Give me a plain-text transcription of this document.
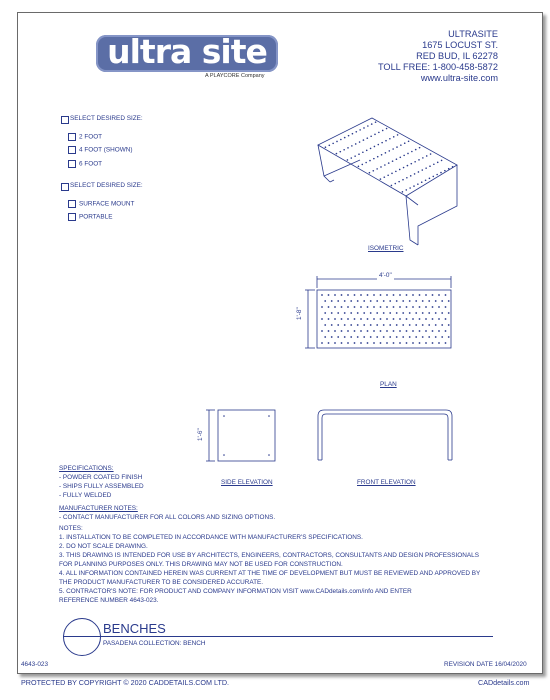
ultra site
A PLAYCORE Company
ULTRASITE
1675 LOCUST ST.
RED BUD, IL 62278
TOLL FREE: 1-800-458-5872
www.ultra-site.com
SELECT DESIRED SIZE:
2 FOOT
4 FOOT (SHOWN)
6 FOOT
SELECT DESIRED SIZE:
SURFACE MOUNT
PORTABLE
ISOMETRIC
4'-0"
1'-8"
PLAN
1'-6"
SIDE ELEVATION	FRONT ELEVATION
SPECIFICATIONS:
- POWDER COATED FINISH
- SHIPS FULLY ASSEMBLED
- FULLY WELDED
MANUFACTURER NOTES:
- CONTACT MANUFACTURER FOR ALL COLORS AND SIZING OPTIONS.
NOTES:
1. INSTALLATION TO BE COMPLETED IN ACCORDANCE WITH MANUFACTURER'S SPECIFICATIONS.
2. DO NOT SCALE DRAWING.
3. THIS DRAWING IS INTENDED FOR USE BY ARCHITECTS, ENGINEERS, CONTRACTORS, CONSULTANTS AND DESIGN PROFESSIONALS
FOR PLANNING PURPOSES ONLY. THIS DRAWING MAY NOT BE USED FOR CONSTRUCTION.
4. ALL INFORMATION CONTAINED HEREIN WAS CURRENT AT THE TIME OF DEVELOPMENT BUT MUST BE REVIEWED AND APPROVED BY
THE PRODUCT MANUFACTURER TO BE CONSIDERED ACCURATE.
5. CONTRACTOR'S NOTE: FOR PRODUCT AND COMPANY INFORMATION VISIT www.CADdetails.com/info AND ENTER
REFERENCE NUMBER 4643-023.
BENCHES
PASADENA COLLECTION: BENCH
4643-023	REVISION DATE 16/04/2020
PROTECTED BY COPYRIGHT © 2020 CADDETAILS.COM LTD.	CADdetails.com
